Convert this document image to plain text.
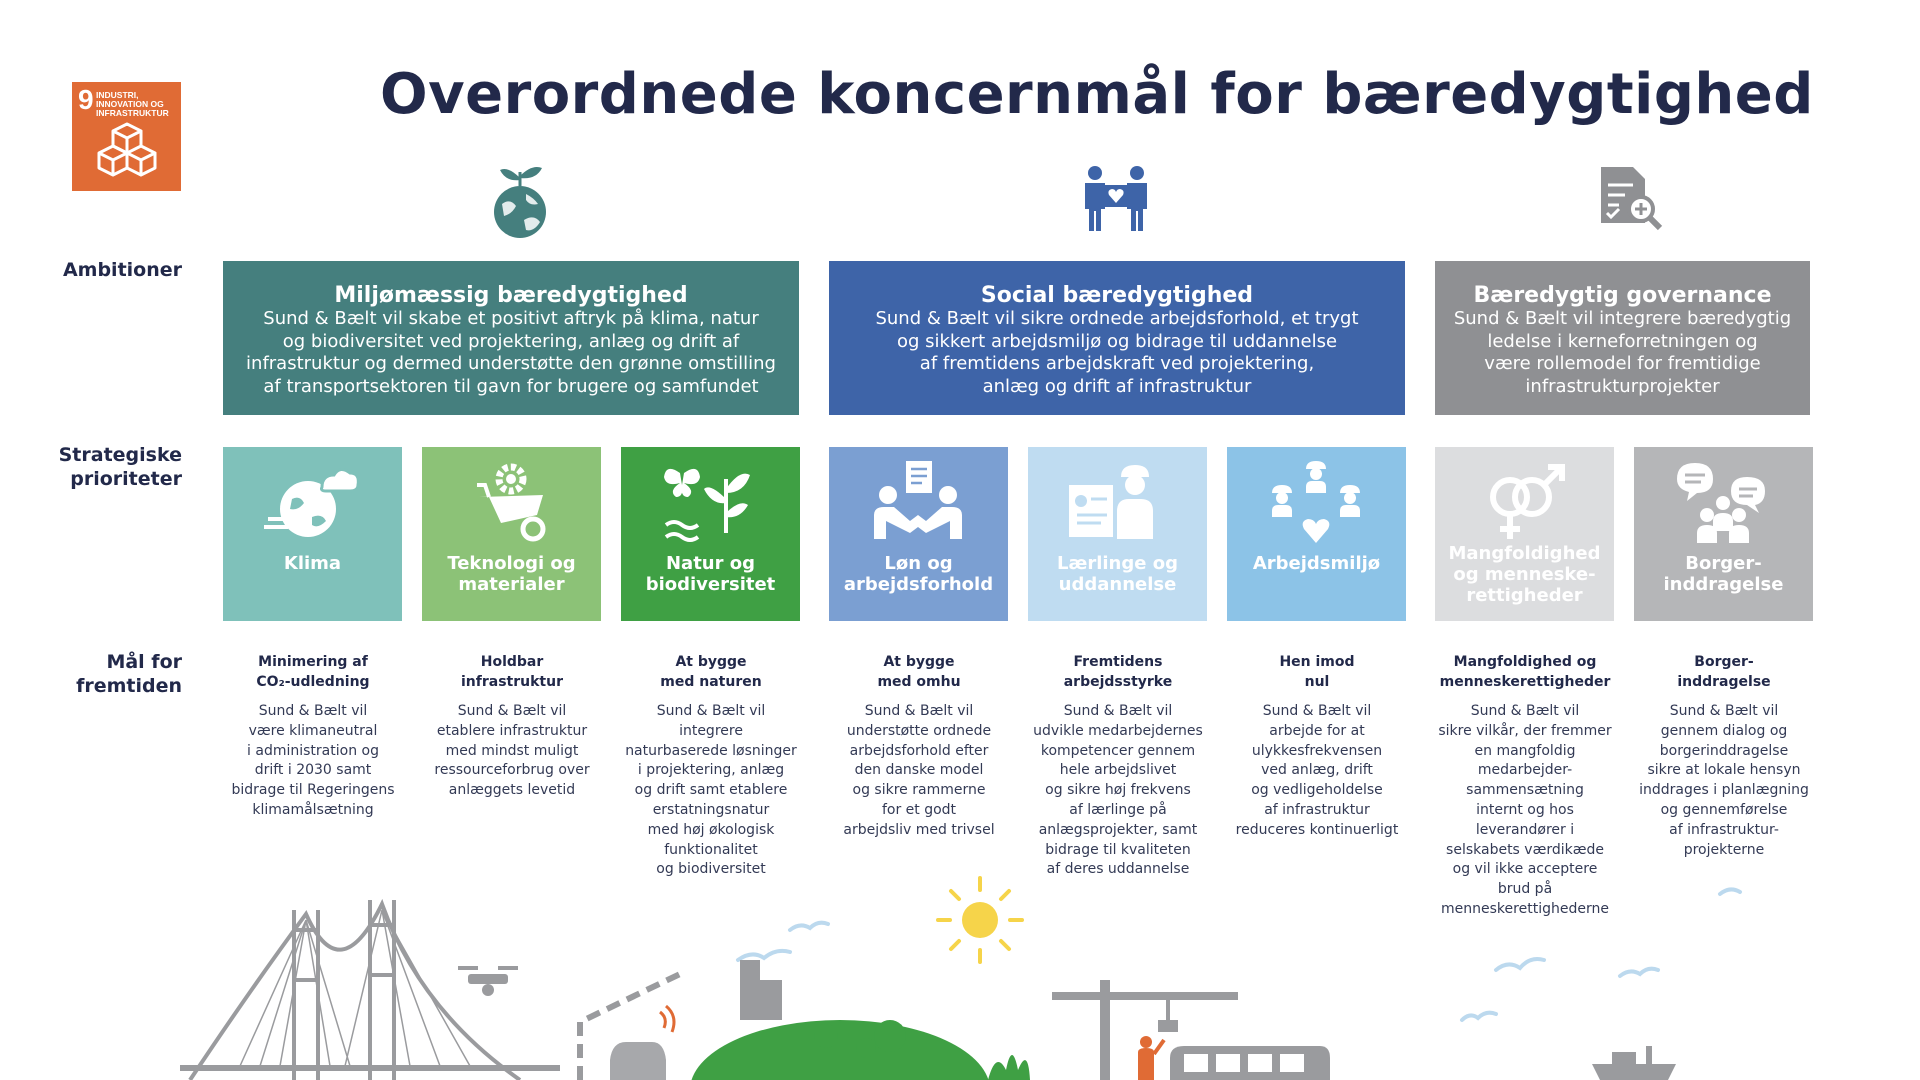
Overordnede koncernmål for bæredygtighed
9 INDUSTRI, INNOVATION OG INFRASTRUKTUR
Ambitioner
Strategiske
prioriteter
Mål for
fremtiden
Miljømæssig bæredygtighed
Sund & Bælt vil skabe et positivt aftryk på klima, natur
og biodiversitet ved projektering, anlæg og drift af
infrastruktur og dermed understøtte den grønne omstilling
af transportsektoren til gavn for brugere og samfundet
Social bæredygtighed
Sund & Bælt vil sikre ordnede arbejdsforhold, et trygt
og sikkert arbejdsmiljø og bidrage til uddannelse
af fremtidens arbejdskraft ved projektering,
anlæg og drift af infrastruktur
Bæredygtig governance
Sund & Bælt vil integrere bæredygtig
ledelse i kerneforretningen og
være rollemodel for fremtidige
infrastrukturprojekter
Klima	Teknologi og
materialer
Natur og
biodiversitet
Løn og
arbejdsforhold
Lærlinge og
uddannelse
Arbejdsmiljø	Mangfoldighed
og menneske-
rettigheder
Borger-
inddragelse
Minimering af
CO₂-udledning
Sund & Bælt vil
være klimaneutral
i administration og
drift i 2030 samt
bidrage til Regeringens
klimamålsætning
Holdbar
infrastruktur
Sund & Bælt vil
etablere infrastruktur
med mindst muligt
ressourceforbrug over
anlæggets levetid
At bygge
med naturen
Sund & Bælt vil
integrere
naturbaserede løsninger
i projektering, anlæg
og drift samt etablere
erstatningsnatur
med høj økologisk
funktionalitet
og biodiversitet
At bygge
med omhu
Sund & Bælt vil
understøtte ordnede
arbejdsforhold efter
den danske model
og sikre rammerne
for et godt
arbejdsliv med trivsel
Fremtidens
arbejdsstyrke
Sund & Bælt vil
udvikle medarbejdernes
kompetencer gennem
hele arbejdslivet
og sikre høj frekvens
af lærlinge på
anlægsprojekter, samt
bidrage til kvaliteten
af deres uddannelse
Hen imod
nul
Sund & Bælt vil
arbejde for at
ulykkesfrekvensen
ved anlæg, drift
og vedligeholdelse
af infrastruktur
reduceres kontinuerligt
Mangfoldighed og
menneskerettigheder
Sund & Bælt vil
sikre vilkår, der fremmer
en mangfoldig
medarbejder-
sammensætning
internt og hos
leverandører i
selskabets værdikæde
og vil ikke acceptere
brud på
menneskerettighederne
Borger-
inddragelse
Sund & Bælt vil
gennem dialog og
borgerinddragelse
sikre at lokale hensyn
inddrages i planlægning
og gennemførelse
af infrastruktur-
projekterne
